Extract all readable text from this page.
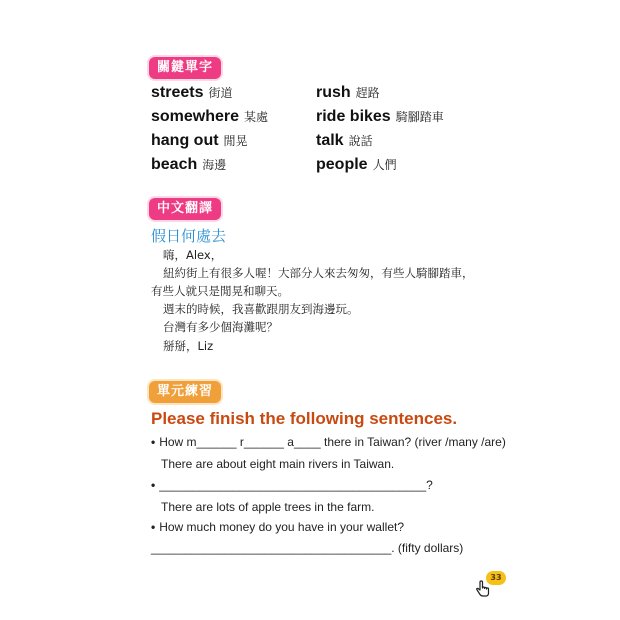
關鍵單字
streets 街道	rush 趕路
somewhere 某處	ride bikes 騎腳踏車
hang out 閒晃	talk 說話
beach 海邊	people 人們
中文翻譯
假日何處去
嗨，Alex，
紐約街上有很多人喔！大部分人來去匆匆，有些人騎腳踏車，
有些人就只是閒晃和聊天。
週末的時候，我喜歡跟朋友到海邊玩。
台灣有多少個海灘呢？
掰掰，Liz
單元練習
Please finish the following sentences.
• How m______ r______ a____ there in Taiwan? (river /many /are)
There are about eight main rivers in Taiwan.
• ________________________________________?
There are lots of apple trees in the farm.
• How much money do you have in your wallet?
____________________________________. (fifty dollars)
33
